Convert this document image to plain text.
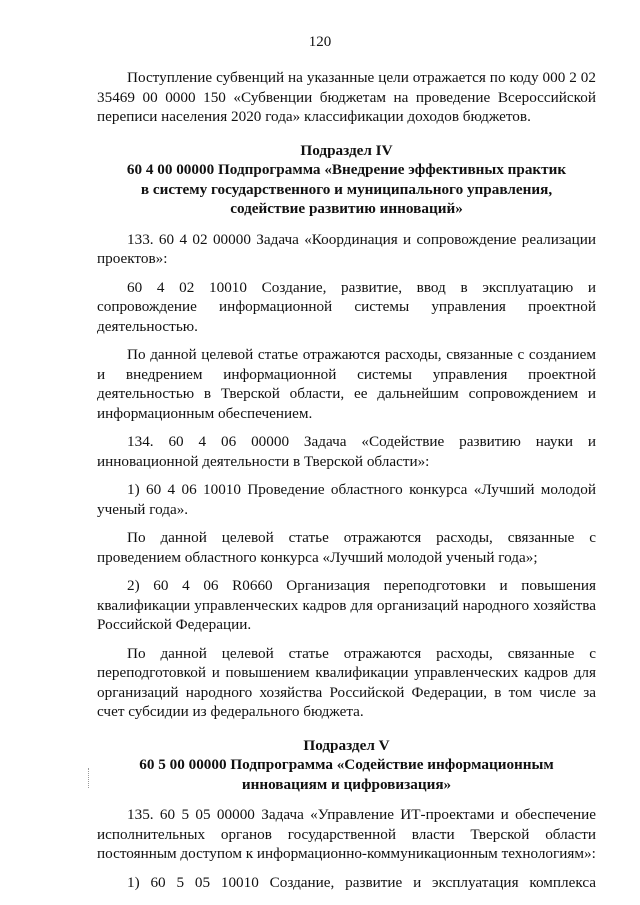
120

Поступление субвенций на указанные цели отражается по коду 000 2 02 35469 00 0000 150 «Субвенции бюджетам на проведение Всероссийской переписи населения 2020 года» классификации доходов бюджетов.

Подраздел IV
60 4 00 00000 Подпрограмма «Внедрение эффективных практик
в систему государственного и муниципального управления,
содействие развитию инноваций»

133. 60 4 02 00000 Задача «Координация и сопровождение реализации проектов»:

60 4 02 10010 Создание, развитие, ввод в эксплуатацию и сопровождение информационной системы управления проектной деятельностью.

По данной целевой статье отражаются расходы, связанные с созданием и внедрением информационной системы управления проектной деятельностью в Тверской области, ее дальнейшим сопровождением и информационным обеспечением.

134. 60 4 06 00000 Задача «Содействие развитию науки и инновационной деятельности в Тверской области»:

1) 60 4 06 10010 Проведение областного конкурса «Лучший молодой ученый года».

По данной целевой статье отражаются расходы, связанные с проведением областного конкурса «Лучший молодой ученый года»;

2) 60 4 06 R0660 Организация переподготовки и повышения квалификации управленческих кадров для организаций народного хозяйства Российской Федерации.

По данной целевой статье отражаются расходы, связанные с переподготовкой и повышением квалификации управленческих кадров для организаций народного хозяйства Российской Федерации, в том числе за счет субсидии из федерального бюджета.

Подраздел V
60 5 00 00000 Подпрограмма «Содействие информационным
инновациям и цифровизация»

135. 60 5 05 00000 Задача «Управление ИТ-проектами и обеспечение исполнительных органов государственной власти Тверской области постоянным доступом к информационно-коммуникационным технологиям»:

1) 60 5 05 10010 Создание, развитие и эксплуатация комплекса
